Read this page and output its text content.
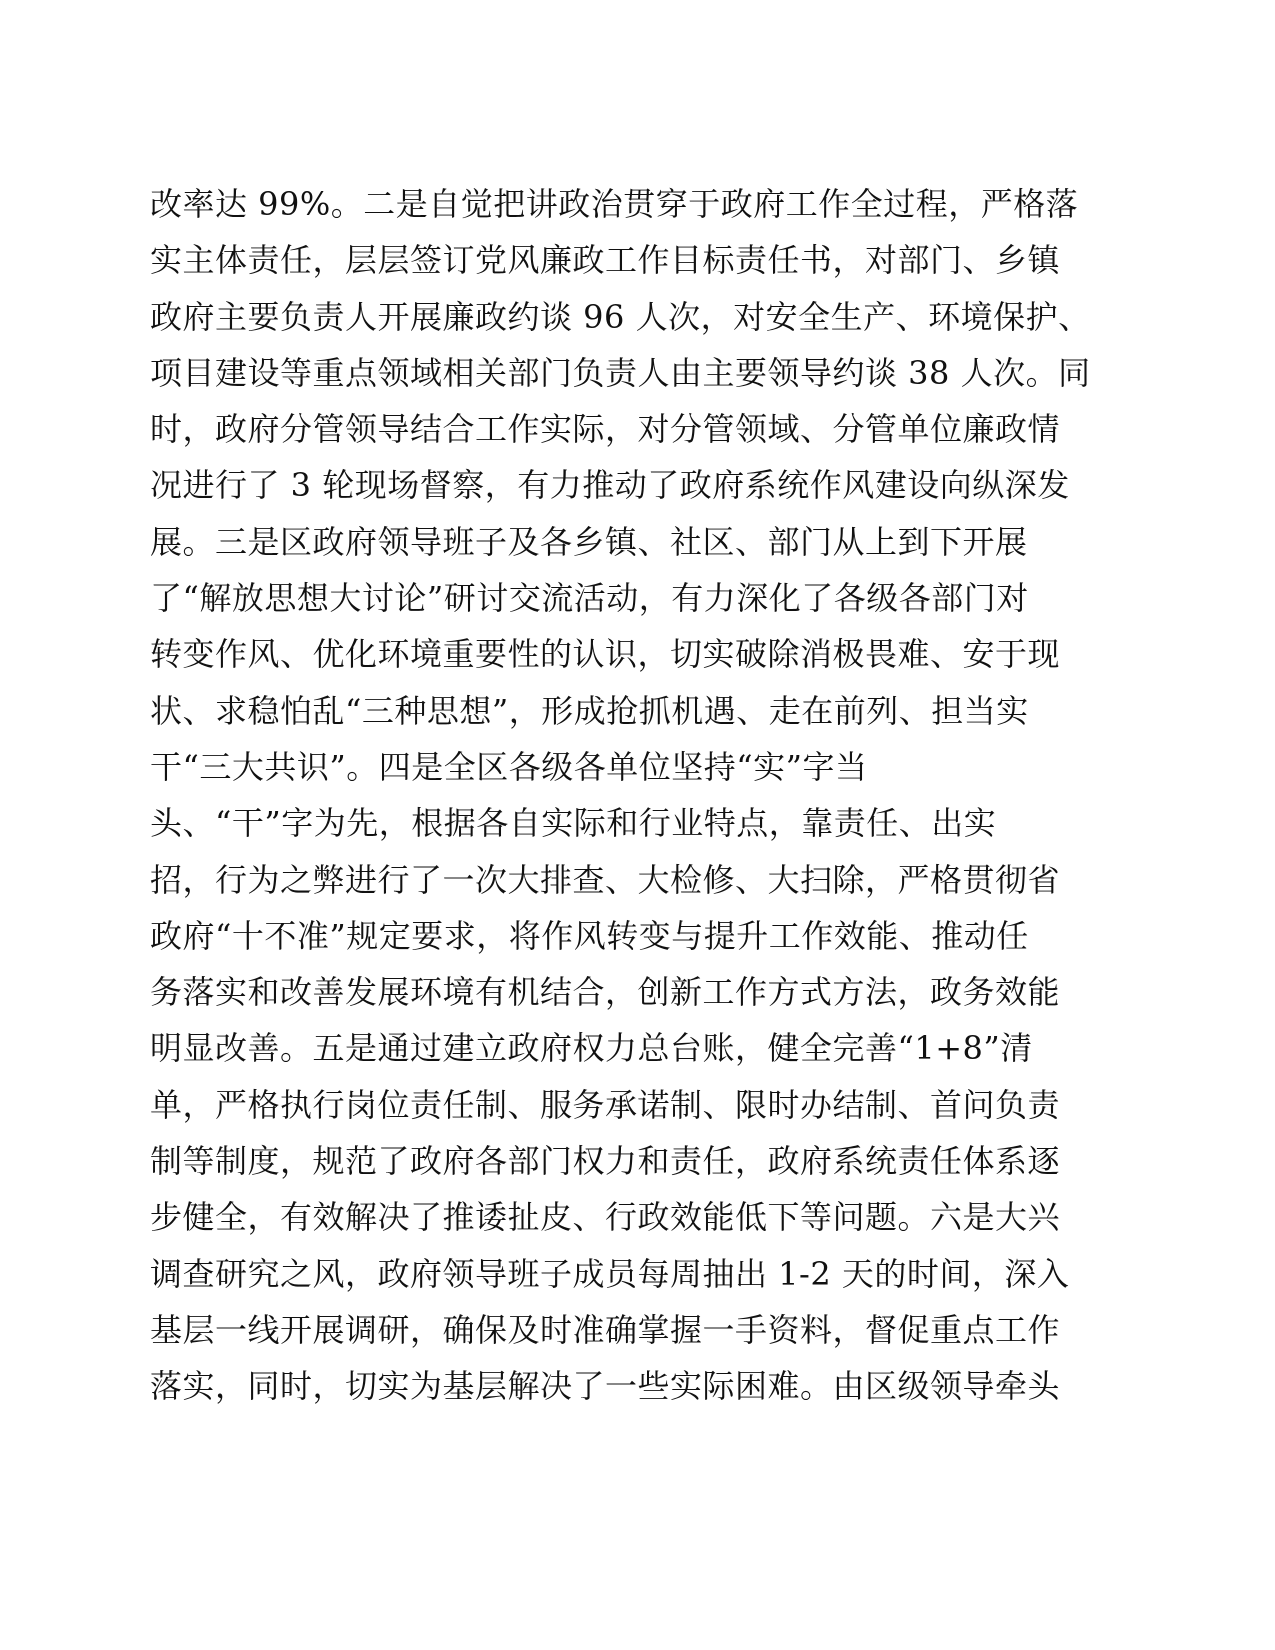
改率达 99%。二是自觉把讲政治贯穿于政府工作全过程，严格落
实主体责任，层层签订党风廉政工作目标责任书，对部门、乡镇
政府主要负责人开展廉政约谈 96 人次，对安全生产、环境保护、
项目建设等重点领域相关部门负责人由主要领导约谈 38 人次。同
时，政府分管领导结合工作实际，对分管领域、分管单位廉政情
况进行了 3 轮现场督察，有力推动了政府系统作风建设向纵深发
展。三是区政府领导班子及各乡镇、社区、部门从上到下开展
了“解放思想大讨论”研讨交流活动，有力深化了各级各部门对
转变作风、优化环境重要性的认识，切实破除消极畏难、安于现
状、求稳怕乱“三种思想”，形成抢抓机遇、走在前列、担当实
干“三大共识”。四是全区各级各单位坚持“实”字当
头、“干”字为先，根据各自实际和行业特点，靠责任、出实
招，行为之弊进行了一次大排查、大检修、大扫除，严格贯彻省
政府“十不准”规定要求，将作风转变与提升工作效能、推动任
务落实和改善发展环境有机结合，创新工作方式方法，政务效能
明显改善。五是通过建立政府权力总台账，健全完善“1+8”清
单，严格执行岗位责任制、服务承诺制、限时办结制、首问负责
制等制度，规范了政府各部门权力和责任，政府系统责任体系逐
步健全，有效解决了推诿扯皮、行政效能低下等问题。六是大兴
调查研究之风，政府领导班子成员每周抽出 1-2 天的时间，深入
基层一线开展调研，确保及时准确掌握一手资料，督促重点工作
落实，同时，切实为基层解决了一些实际困难。由区级领导牵头
